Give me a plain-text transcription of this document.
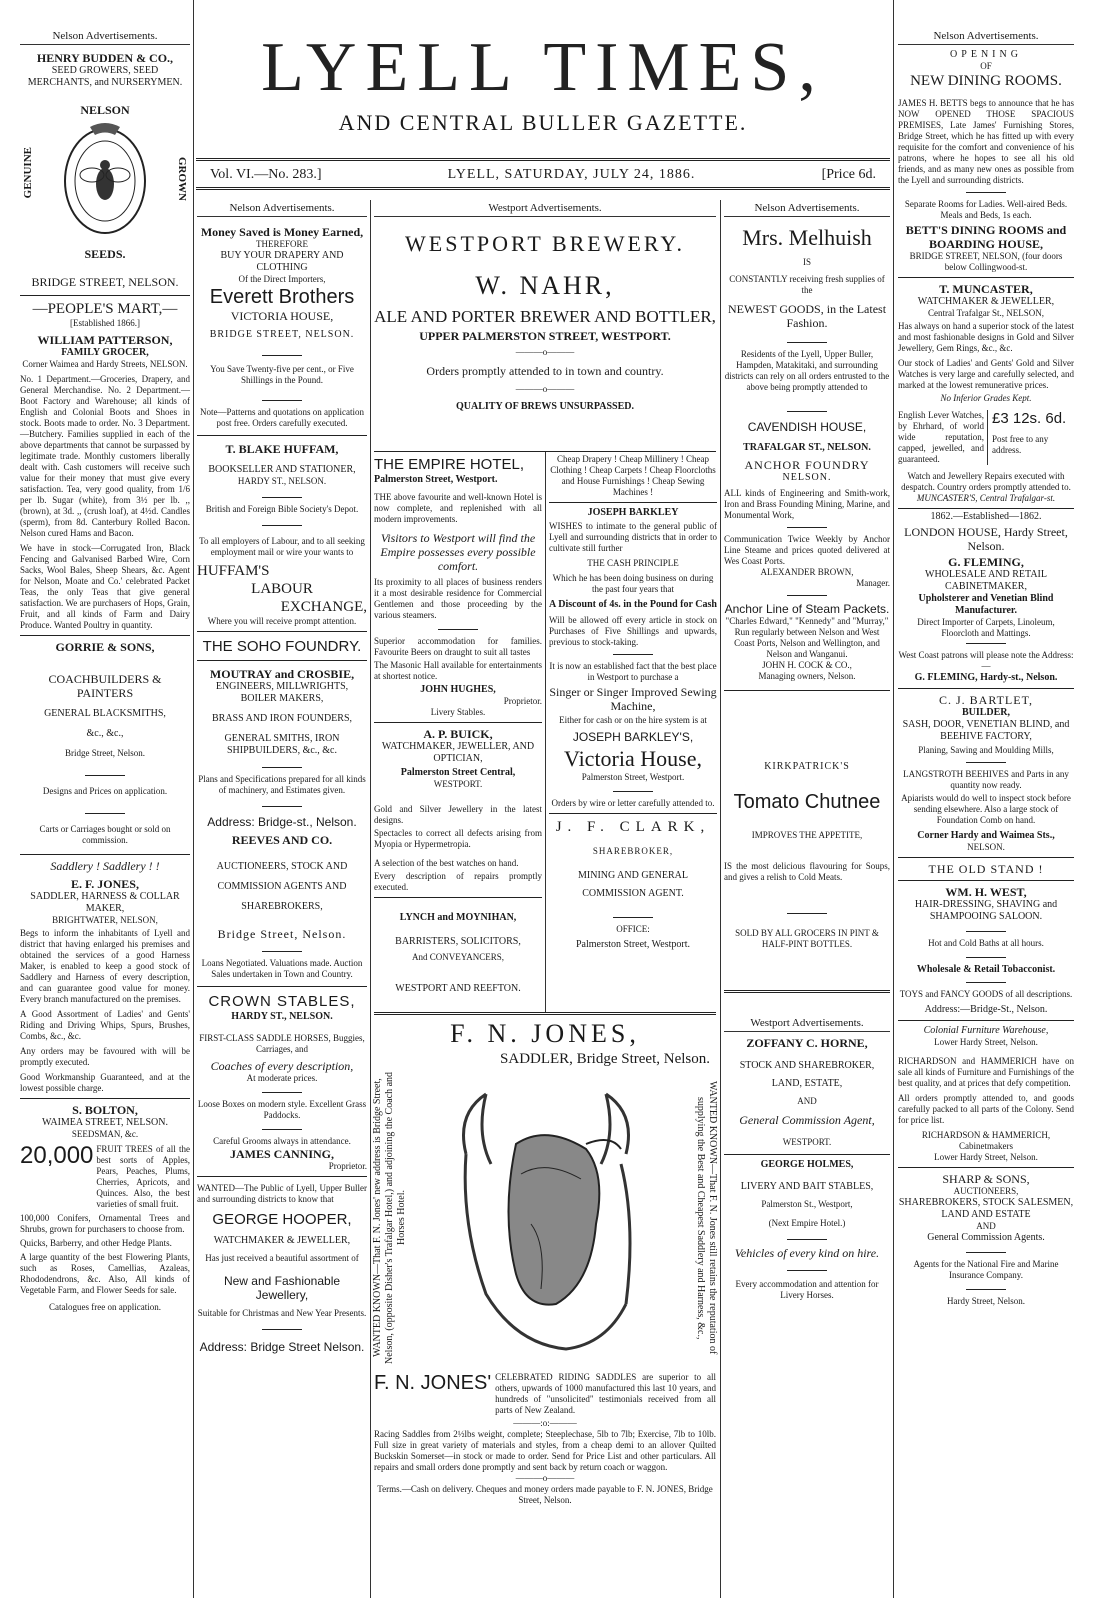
LYELL TIMES,
AND CENTRAL BULLER GAZETTE.
Vol. VI.—No. 283.]	LYELL, SATURDAY, JULY 24, 1886.	[Price 6d.
Nelson Advertisements.

HENRY BUDDEN & CO.,

SEED GROWERS, SEED MERCHANTS, and NURSERYMEN.

NELSON

GENUINE	GROWN

SEEDS.

BRIDGE STREET, NELSON.

—PEOPLE'S MART,—

[Established 1866.]

WILLIAM PATTERSON,

FAMILY GROCER,

Corner Waimea and Hardy Streets, NELSON.

No. 1 Department.—Groceries, Drapery, and General Merchandise. No. 2 Department.—Boot Factory and Warehouse; all kinds of English and Colonial Boots and Shoes in stock. Boots made to order. No. 3 Department.—Butchery. Families supplied in each of the above departments that cannot be surpassed by legitimate trade. Monthly customers liberally dealt with. Cash customers will receive such value for their money that must give every satisfaction. Tea, very good quality, from 1/6 per lb. Sugar (white), from 3½ per lb. ,, (brown), at 3d. ,, (crush loaf), at 4½d. Candles (sperm), from 8d. Canterbury Rolled Bacon. Nelson cured Hams and Bacon.

We have in stock—Corrugated Iron, Black Fencing and Galvanised Barbed Wire, Corn Sacks, Wool Bales, Sheep Shears, &c. Agent for Nelson, Moate and Co.' celebrated Packet Teas, the only Teas that give general satisfaction. We are purchasers of Hops, Grain, Fruit, and all kinds of Farm and Dairy Produce. Wanted Poultry in quantity.

GORRIE & SONS,

COACHBUILDERS & PAINTERS

GENERAL BLACKSMITHS,

&c., &c.,

Bridge Street, Nelson.

Designs and Prices on application.

Carts or Carriages bought or sold on commission.

Saddlery ! Saddlery ! !

E. F. JONES,

SADDLER, HARNESS & COLLAR MAKER,

BRIGHTWATER, NELSON,

Begs to inform the inhabitants of Lyell and district that having enlarged his premises and obtained the services of a good Harness Maker, is enabled to keep a good stock of Saddlery and Harness of every description, and can guarantee good value for money. Every branch manufactured on the premises.

A Good Assortment of Ladies' and Gents' Riding and Driving Whips, Spurs, Brushes, Combs, &c., &c.

Any orders may be favoured with will be promptly executed.

Good Workmanship Guaranteed, and at the lowest possible charge.

S. BOLTON,

WAIMEA STREET, NELSON.

SEEDSMAN, &c.

20,000 FRUIT TREES of all the best sorts of Apples, Pears, Peaches, Plums, Cherries, Apricots, and Quinces. Also, the best varieties of small fruit.

100,000 Conifers, Ornamental Trees and Shrubs, grown for purchasers to choose from.

Quicks, Barberry, and other Hedge Plants.

A large quantity of the best Flowering Plants, such as Roses, Camellias, Azaleas, Rhododendrons, &c. Also, All kinds of Vegetable Farm, and Flower Seeds for sale.

Catalogues free on application.

Nelson Advertisements.

Money Saved is Money Earned,

THEREFORE

BUY YOUR DRAPERY AND CLOTHING

Of the Direct Importers,

Everett Brothers

VICTORIA HOUSE,

BRIDGE STREET, NELSON.

You Save Twenty-five per cent., or Five Shillings in the Pound.

Note—Patterns and quotations on application post free. Orders carefully executed.

T. BLAKE HUFFAM,

BOOKSELLER AND STATIONER,

HARDY ST., NELSON.

British and Foreign Bible Society's Depot.

To all employers of Labour, and to all seeking employment mail or wire your wants to

HUFFAM'S

LABOUR

EXCHANGE,

Where you will receive prompt attention.

THE SOHO FOUNDRY.

MOUTRAY and CROSBIE,

ENGINEERS, MILLWRIGHTS, BOILER MAKERS,

BRASS AND IRON FOUNDERS,

GENERAL SMITHS, IRON SHIPBUILDERS, &c., &c.

Plans and Specifications prepared for all kinds of machinery, and Estimates given.

Address: Bridge-st., Nelson.

REEVES AND CO.

AUCTIONEERS, STOCK AND COMMISSION AGENTS AND SHAREBROKERS,

Bridge Street, Nelson.

Loans Negotiated. Valuations made. Auction Sales undertaken in Town and Country.

CROWN STABLES,

HARDY ST., NELSON.

FIRST-CLASS SADDLE HORSES, Buggies, Carriages, and

Coaches of every description,

At moderate prices.

Loose Boxes on modern style. Excellent Grass Paddocks.

Careful Grooms always in attendance.

JAMES CANNING,

Proprietor.

WANTED—The Public of Lyell, Upper Buller and surrounding districts to know that

GEORGE HOOPER,

WATCHMAKER & JEWELLER,

Has just received a beautiful assortment of

New and Fashionable Jewellery,

Suitable for Christmas and New Year Presents.

Address: Bridge Street Nelson.

Westport Advertisements.

WESTPORT BREWERY.

W. NAHR,

ALE AND PORTER BREWER AND BOTTLER,

UPPER PALMERSTON STREET, WESTPORT.

———o———

Orders promptly attended to in town and country.

———o———

QUALITY OF BREWS UNSURPASSED.

THE EMPIRE HOTEL,

Palmerston Street, Westport.

THE above favourite and well-known Hotel is now complete, and replenished with all modern improvements.

Visitors to Westport will find the Empire possesses every possible comfort.

Its proximity to all places of business renders it a most desirable residence for Commercial Gentlemen and those proceeding by the various steamers.

Superior accommodation for families. Favourite Beers on draught to suit all tastes

The Masonic Hall available for entertainments at shortest notice.

JOHN HUGHES,

Proprietor.

Livery Stables.

A. P. BUICK,

WATCHMAKER, JEWELLER, AND OPTICIAN,

Palmerston Street Central,

WESTPORT.

Gold and Silver Jewellery in the latest designs.

Spectacles to correct all defects arising from Myopia or Hypermetropia.

A selection of the best watches on hand.

Every description of repairs promptly executed.

LYNCH and MOYNIHAN,

BARRISTERS, SOLICITORS,

And CONVEYANCERS,

WESTPORT AND REEFTON.

Cheap Drapery ! Cheap Millinery ! Cheap Clothing ! Cheap Carpets ! Cheap Floorcloths and House Furnishings ! Cheap Sewing Machines !

JOSEPH BARKLEY

WISHES to intimate to the general public of Lyell and surrounding districts that in order to cultivate still further

THE CASH PRINCIPLE

Which he has been doing business on during the past four years that

A Discount of 4s. in the Pound for Cash

Will be allowed off every article in stock on Purchases of Five Shillings and upwards, previous to stock-taking.

It is now an established fact that the best place in Westport to purchase a

Singer or Singer Improved Sewing Machine,

Either for cash or on the hire system is at

JOSEPH BARKLEY'S,

Victoria House,

Palmerston Street, Westport.

Orders by wire or letter carefully attended to.

J. F. CLARK,

SHAREBROKER,

MINING AND GENERAL COMMISSION AGENT.

OFFICE:

Palmerston Street, Westport.

F. N. JONES,

SADDLER, Bridge Street, Nelson.

WANTED KNOWN—That F. N. Jones' new address is Bridge Street, Nelson, (opposite Disher's Trafalgar Hotel,) and adjoining the Coach and Horses Hotel.	WANTED KNOWN—That F. N. Jones still retains the reputation of supplying the Best and Cheapest Saddlery and Harness, &c.,
F. N. JONES' CELEBRATED RIDING SADDLES are superior to all others, upwards of 1000 manufactured this last 10 years, and hundreds of "unsolicited" testimonials received from all parts of New Zealand.
———:o:———

Racing Saddles from 2½lbs weight, complete; Steeplechase, 5lb to 7lb; Exercise, 7lb to 10lb. Full size in great variety of materials and styles, from a cheap demi to an allover Quilted Buckskin Somerset—in stock or made to order. Send for Price List and other particulars. All repairs and small orders done promptly and sent back by return coach or waggon.

———o———

Terms.—Cash on delivery. Cheques and money orders made payable to F. N. JONES, Bridge Street, Nelson.

Nelson Advertisements.

Mrs. Melhuish

IS

CONSTANTLY receiving fresh supplies of the

NEWEST GOODS, in the Latest Fashion.

Residents of the Lyell, Upper Buller, Hampden, Matakitaki, and surrounding districts can rely on all orders entrusted to the above being promptly attended to

CAVENDISH HOUSE,

TRAFALGAR ST., NELSON.

ANCHOR FOUNDRY

NELSON.

ALL kinds of Engineering and Smith-work, Iron and Brass Founding Mining, Marine, and Monumental Work,

Communication Twice Weekly by Anchor Line Steame and prices quoted delivered at Wes Coast Ports.

ALEXANDER BROWN,

Manager.

Anchor Line of Steam Packets.

"Charles Edward," "Kennedy" and "Murray,"

Run regularly between Nelson and West Coast Ports, Nelson and Wellington, and Nelson and Wanganui.

JOHN H. COCK & CO.,

Managing owners, Nelson.

KIRKPATRICK'S

Tomato Chutnee

IMPROVES THE APPETITE,

IS the most delicious flavouring for Soups, and gives a relish to Cold Meats.

SOLD BY ALL GROCERS IN PINT & HALF-PINT BOTTLES.

Westport Advertisements.

ZOFFANY C. HORNE,

STOCK AND SHAREBROKER,

LAND, ESTATE,

AND

General Commission Agent,

WESTPORT.

GEORGE HOLMES,

LIVERY AND BAIT STABLES,

Palmerston St., Westport,

(Next Empire Hotel.)

Vehicles of every kind on hire.

Every accommodation and attention for Livery Horses.

Nelson Advertisements.

OPENING

OF

NEW DINING ROOMS.

JAMES H. BETTS begs to announce that he has NOW OPENED THOSE SPACIOUS PREMISES, Late James' Furnishing Stores, Bridge Street, which he has fitted up with every requisite for the comfort and convenience of his patrons, where he hopes to see all his old friends, and as many new ones as possible from the Lyell and surrounding districts.

Separate Rooms for Ladies. Well-aired Beds. Meals and Beds, 1s each.

BETT'S DINING ROOMS and BOARDING HOUSE,

BRIDGE STREET, NELSON, (four doors below Collingwood-st.

T. MUNCASTER,

WATCHMAKER & JEWELLER,

Central Trafalgar St., NELSON,

Has always on hand a superior stock of the latest and most fashionable designs in Gold and Silver Jewellery, Gem Rings, &c., &c.

Our stock of Ladies' and Gents' Gold and Silver Watches is very large and carefully selected, and marked at the lowest remunerative prices.

No Inferior Grades Kept.

English Lever Watches, by Ehrhard, of world wide reputation, capped, jewelled, and guaranteed.
£3 12s. 6d.
Post free to any address.

Watch and Jewellery Repairs executed with despatch. Country orders promptly attended to.

MUNCASTER'S, Central Trafalgar-st.

1862.—Established—1862.

LONDON HOUSE, Hardy Street, Nelson.

G. FLEMING,

WHOLESALE AND RETAIL CABINETMAKER,

Upholsterer and Venetian Blind Manufacturer.

Direct Importer of Carpets, Linoleum, Floorcloth and Mattings.

West Coast patrons will please note the Address:—

G. FLEMING, Hardy-st., Nelson.

C. J. BARTLET,

BUILDER,

SASH, DOOR, VENETIAN BLIND, and BEEHIVE FACTORY,

Planing, Sawing and Moulding Mills,

LANGSTROTH BEEHIVES and Parts in any quantity now ready.

Apiarists would do well to inspect stock before sending elsewhere. Also a large stock of Foundation Comb on hand.

Corner Hardy and Waimea Sts.,

NELSON.

THE OLD STAND !

WM. H. WEST,

HAIR-DRESSING, SHAVING and SHAMPOOING SALOON.

Hot and Cold Baths at all hours.

Wholesale & Retail Tobacconist.

TOYS and FANCY GOODS of all descriptions.

Address:—Bridge-St., Nelson.

Colonial Furniture Warehouse,

Lower Hardy Street, Nelson.

RICHARDSON and HAMMERICH have on sale all kinds of Furniture and Furnishings of the best quality, and at prices that defy competition.

All orders promptly attended to, and goods carefully packed to all parts of the Colony. Send for price list.

RICHARDSON & HAMMERICH, Cabinetmakers

Lower Hardy Street, Nelson.

SHARP & SONS,

AUCTIONEERS,

SHAREBROKERS, STOCK SALESMEN, LAND AND ESTATE

AND

General Commission Agents.

Agents for the National Fire and Marine Insurance Company.

Hardy Street, Nelson.
